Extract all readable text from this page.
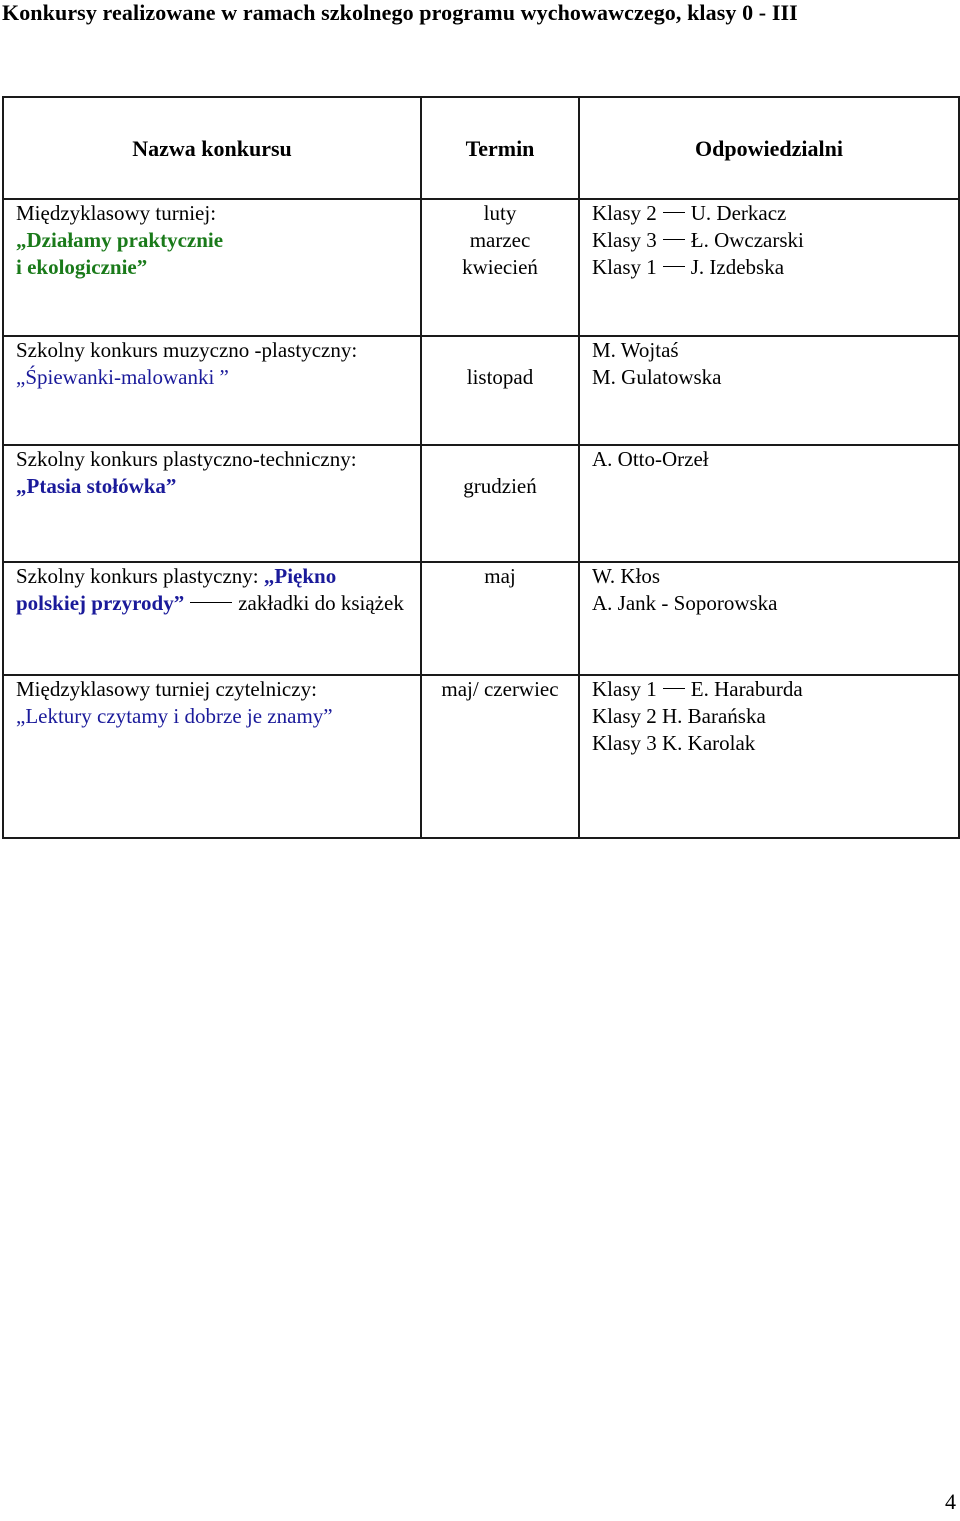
Konkursy realizowane w ramach szkolnego programu wychowawczego, klasy 0 - III
Nazwa konkursu	Termin	Odpowiedzialni

Międzyklasowy turniej:
„Działamy praktycznie
i ekologicznie”	luty
marzec
kwiecień	Klasy 2 U. Derkacz
Klasy 3 Ł. Owczarski
Klasy 1 J. Izdebska

Szkolny konkurs muzyczno -plastyczny:
„Śpiewanki-malowanki ”	listopad	M. Wojtaś
M. Gulatowska

Szkolny konkurs plastyczno-techniczny:
„Ptasia stołówka”	grudzień	A. Otto-Orzeł

Szkolny konkurs plastyczny: „Piękno
polskiej przyrody” zakładki do książek	maj	W. Kłos
A. Jank - Soporowska

Międzyklasowy turniej czytelniczy:
„Lektury czytamy i dobrze je znamy”	maj/ czerwiec	Klasy 1 E. Haraburda
Klasy 2 H. Barańska
Klasy 3 K. Karolak
4
